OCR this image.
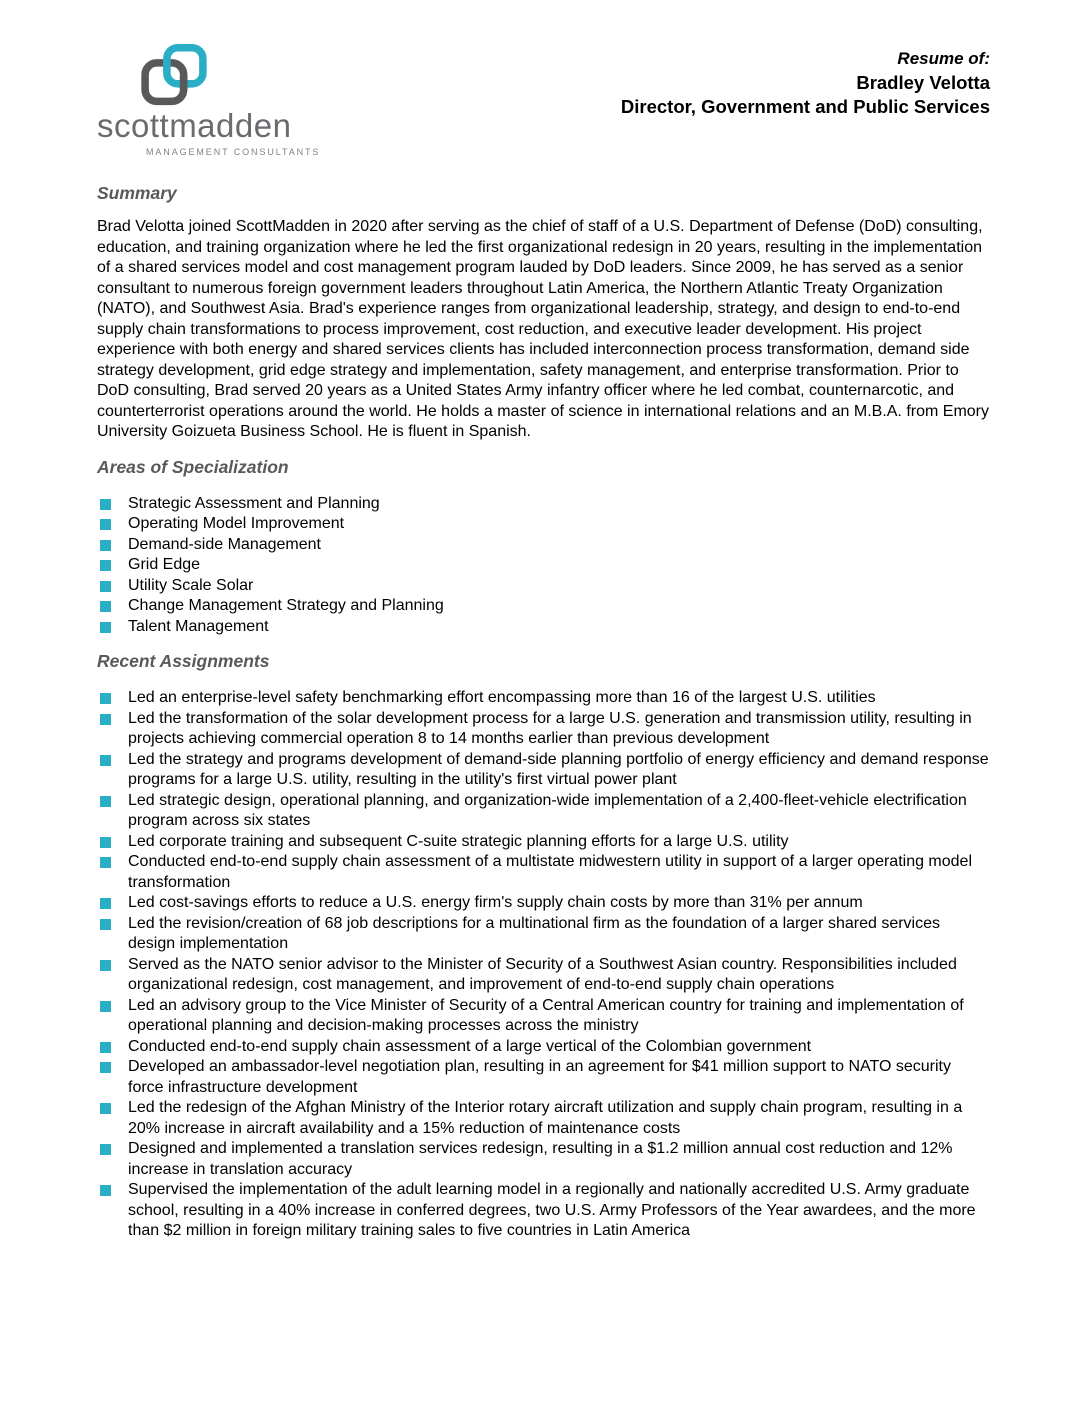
scottmadden
MANAGEMENT CONSULTANTS
Resume of:
Bradley Velotta
Director, Government and Public Services
Summary

Brad Velotta joined ScottMadden in 2020 after serving as the chief of staff of a U.S. Department of Defense (DoD) consulting, education, and training organization where he led the first organizational redesign in 20 years, resulting in the implementation of a shared services model and cost management program lauded by DoD leaders. Since 2009, he has served as a senior consultant to numerous foreign government leaders throughout Latin America, the Northern Atlantic Treaty Organization (NATO), and Southwest Asia. Brad's experience ranges from organizational leadership, strategy, and design to end-to-end supply chain transformations to process improvement, cost reduction, and executive leader development. His project experience with both energy and shared services clients has included interconnection process transformation, demand side strategy development, grid edge strategy and implementation, safety management, and enterprise transformation. Prior to DoD consulting, Brad served 20 years as a United States Army infantry officer where he led combat, counternarcotic, and counterterrorist operations around the world. He holds a master of science in international relations and an M.B.A. from Emory University Goizueta Business School. He is fluent in Spanish.

Areas of Specialization
Strategic Assessment and Planning
Operating Model Improvement
Demand-side Management
Grid Edge
Utility Scale Solar
Change Management Strategy and Planning
Talent Management
Recent Assignments
Led an enterprise-level safety benchmarking effort encompassing more than 16 of the largest U.S. utilities
Led the transformation of the solar development process for a large U.S. generation and transmission utility, resulting in projects achieving commercial operation 8 to 14 months earlier than previous development
Led the strategy and programs development of demand-side planning portfolio of energy efficiency and demand response programs for a large U.S. utility, resulting in the utility's first virtual power plant
Led strategic design, operational planning, and organization-wide implementation of a 2,400-fleet-vehicle electrification program across six states
Led corporate training and subsequent C-suite strategic planning efforts for a large U.S. utility
Conducted end-to-end supply chain assessment of a multistate midwestern utility in support of a larger operating model transformation
Led cost-savings efforts to reduce a U.S. energy firm's supply chain costs by more than 31% per annum
Led the revision/creation of 68 job descriptions for a multinational firm as the foundation of a larger shared services design implementation
Served as the NATO senior advisor to the Minister of Security of a Southwest Asian country. Responsibilities included organizational redesign, cost management, and improvement of end-to-end supply chain operations
Led an advisory group to the Vice Minister of Security of a Central American country for training and implementation of operational planning and decision-making processes across the ministry
Conducted end-to-end supply chain assessment of a large vertical of the Colombian government
Developed an ambassador-level negotiation plan, resulting in an agreement for $41 million support to NATO security force infrastructure development
Led the redesign of the Afghan Ministry of the Interior rotary aircraft utilization and supply chain program, resulting in a 20% increase in aircraft availability and a 15% reduction of maintenance costs
Designed and implemented a translation services redesign, resulting in a $1.2 million annual cost reduction and 12% increase in translation accuracy
Supervised the implementation of the adult learning model in a regionally and nationally accredited U.S. Army graduate school, resulting in a 40% increase in conferred degrees, two U.S. Army Professors of the Year awardees, and the more than $2 million in foreign military training sales to five countries in Latin America
